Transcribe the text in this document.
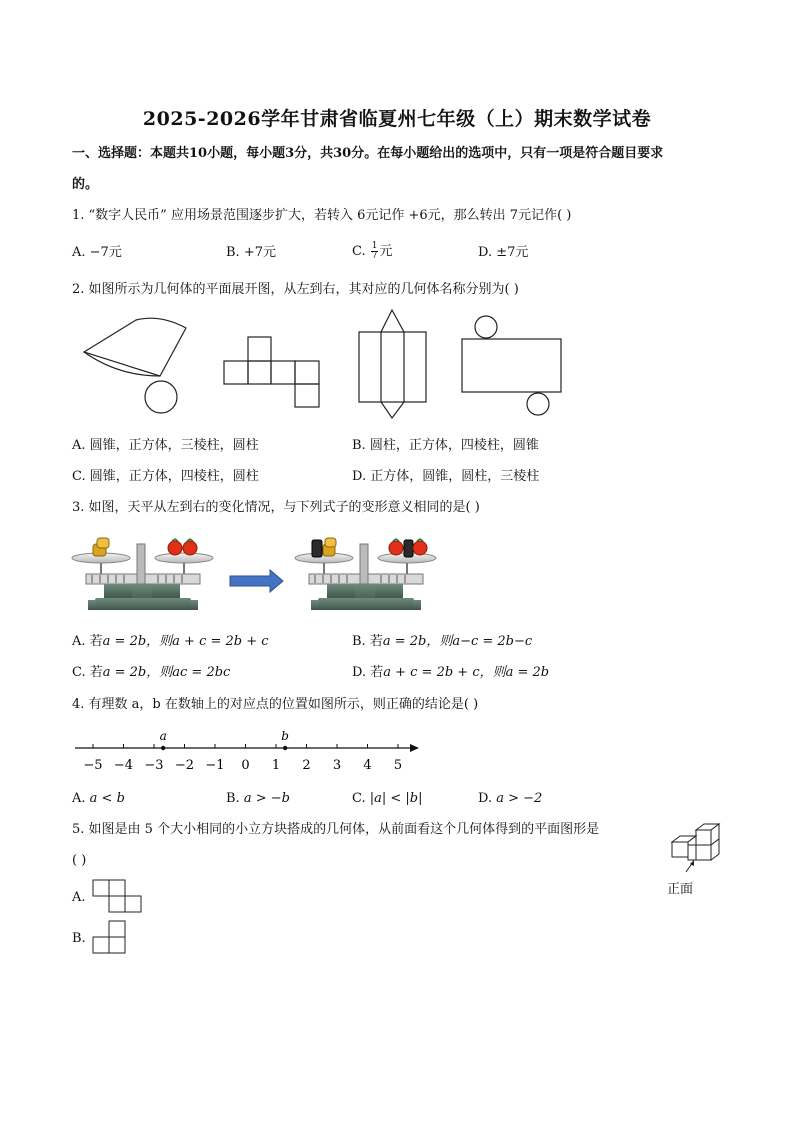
2025-2026学年甘肃省临夏州七年级（上）期末数学试卷
一、选择题：本题共10小题，每小题3分，共30分。在每小题给出的选项中，只有一项是符合题目要求
的。
1. “数字人民币” 应用场景范围逐步扩大，若转入 6元记作 +6元，那么转出 7元记作( )
A. −7元	B. +7元	C. $\frac{1}{7}$ 元	D. ±7元
2. 如图所示为几何体的平面展开图，从左到右，其对应的几何体名称分别为( )
A. 圆锥，正方体，三棱柱，圆柱	B. 圆柱，正方体，四棱柱，圆锥
C. 圆锥，正方体，四棱柱，圆柱	D. 正方体，圆锥，圆柱，三棱柱
3. 如图，天平从左到右的变化情况，与下列式子的变形意义相同的是( )
A. 若a = 2b，则a + c = 2b + c	B. 若a = 2b，则a−c = 2b−c
C. 若a = 2b，则ac = 2bc	D. 若a + c = 2b + c，则a = 2b
4. 有理数 a，b 在数轴上的对应点的位置如图所示，则正确的结论是( )
−5 −4 −3 −2 −1 0 1 2 3 4 5
a	b
A. a < b	B. a > −b	C. |a| < |b|	D. a > −2
5. 如图是由 5 个大小相同的小立方块搭成的几何体，从前面看这个几何体得到的平面图形是
( )
正面
A.
B.
